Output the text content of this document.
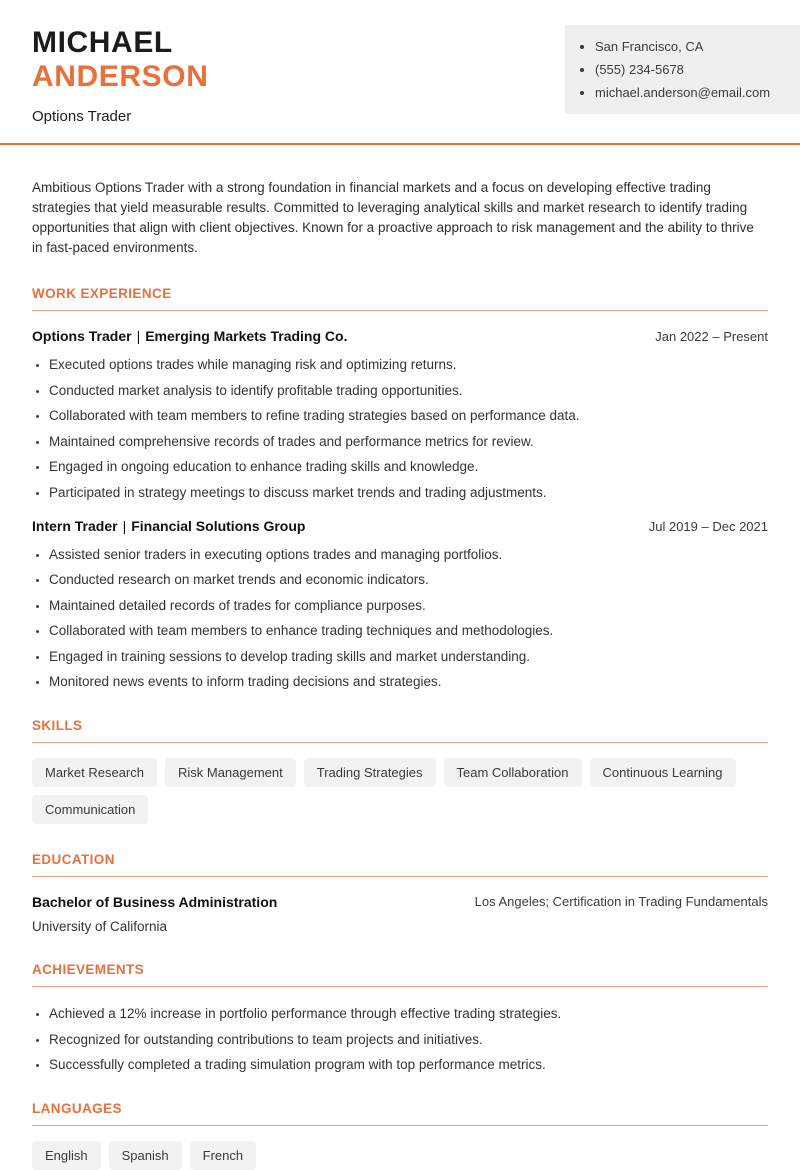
MICHAEL
ANDERSON
Options Trader
• San Francisco, CA
• (555) 234-5678
• michael.anderson@email.com

Ambitious Options Trader with a strong foundation in financial markets and a focus on developing effective trading strategies that yield measurable results. Committed to leveraging analytical skills and market research to identify trading opportunities that align with client objectives. Known for a proactive approach to risk management and the ability to thrive in fast-paced environments.

WORK EXPERIENCE
Options Trader | Emerging Markets Trading Co.	Jan 2022 – Present
• Executed options trades while managing risk and optimizing returns.
• Conducted market analysis to identify profitable trading opportunities.
• Collaborated with team members to refine trading strategies based on performance data.
• Maintained comprehensive records of trades and performance metrics for review.
• Engaged in ongoing education to enhance trading skills and knowledge.
• Participated in strategy meetings to discuss market trends and trading adjustments.
Intern Trader | Financial Solutions Group	Jul 2019 – Dec 2021
• Assisted senior traders in executing options trades and managing portfolios.
• Conducted research on market trends and economic indicators.
• Maintained detailed records of trades for compliance purposes.
• Collaborated with team members to enhance trading techniques and methodologies.
• Engaged in training sessions to develop trading skills and market understanding.
• Monitored news events to inform trading decisions and strategies.
SKILLS
Market Research	Risk Management	Trading Strategies	Team Collaboration	Continuous Learning
Communication
EDUCATION
Bachelor of Business Administration
University of California
Los Angeles; Certification in Trading Fundamentals
ACHIEVEMENTS
• Achieved a 12% increase in portfolio performance through effective trading strategies.
• Recognized for outstanding contributions to team projects and initiatives.
• Successfully completed a trading simulation program with top performance metrics.
LANGUAGES
English	Spanish	French
